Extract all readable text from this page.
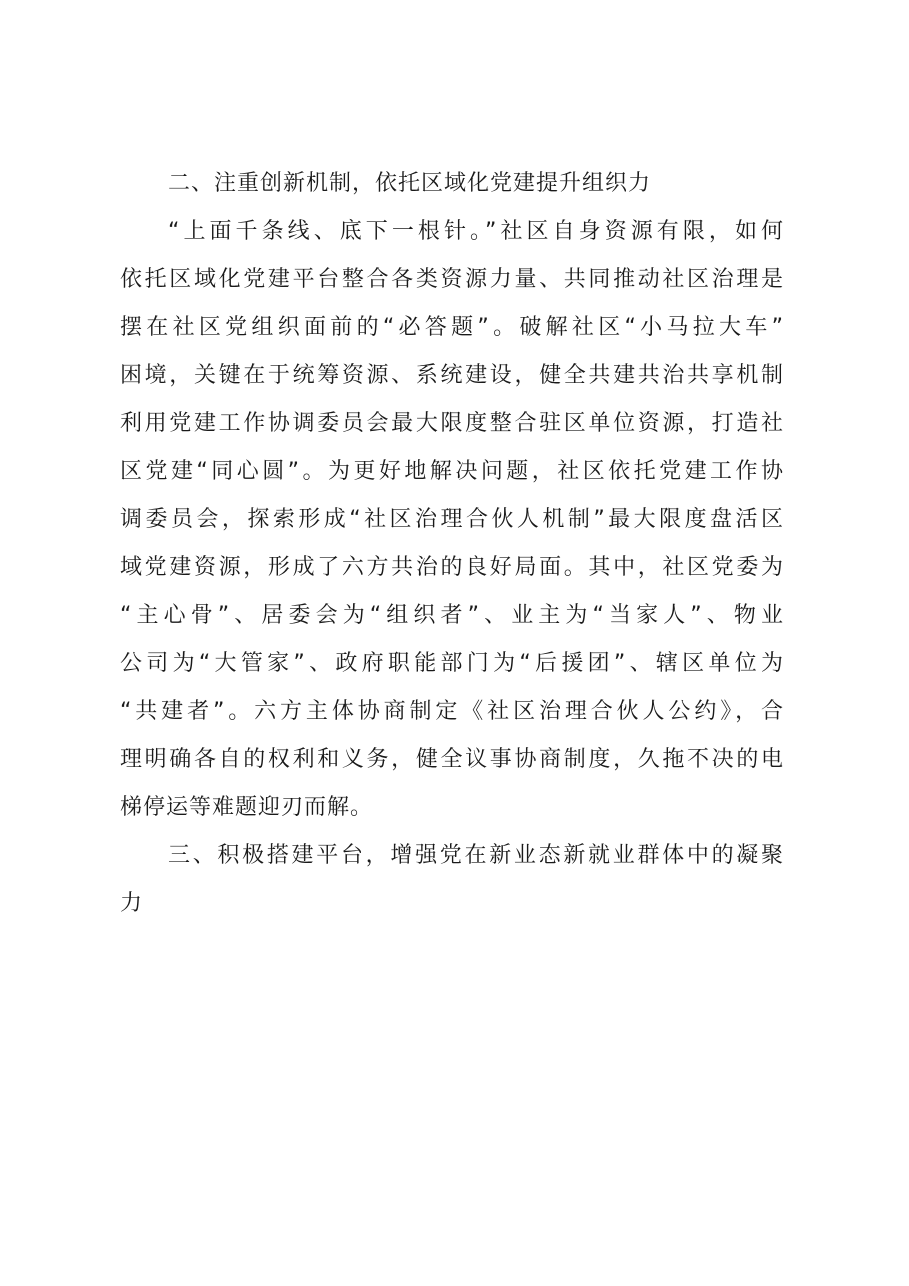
二、注重创新机制，依托区域化党建提升组织力
“上面千条线、底下一根针。”社区自身资源有限，如何
依托区域化党建平台整合各类资源力量、共同推动社区治理是
摆在社区党组织面前的“必答题”。破解社区“小马拉大车”
困境，关键在于统筹资源、系统建设，健全共建共治共享机制
利用党建工作协调委员会最大限度整合驻区单位资源，打造社
区党建“同心圆”。为更好地解决问题，社区依托党建工作协
调委员会，探索形成“社区治理合伙人机制”最大限度盘活区
域党建资源，形成了六方共治的良好局面。其中，社区党委为
“主心骨”、居委会为“组织者”、业主为“当家人”、物业
公司为“大管家”、政府职能部门为“后援团”、辖区单位为
“共建者”。六方主体协商制定《社区治理合伙人公约》，合
理明确各自的权利和义务，健全议事协商制度，久拖不决的电
梯停运等难题迎刃而解。
三、积极搭建平台，增强党在新业态新就业群体中的凝聚
力
